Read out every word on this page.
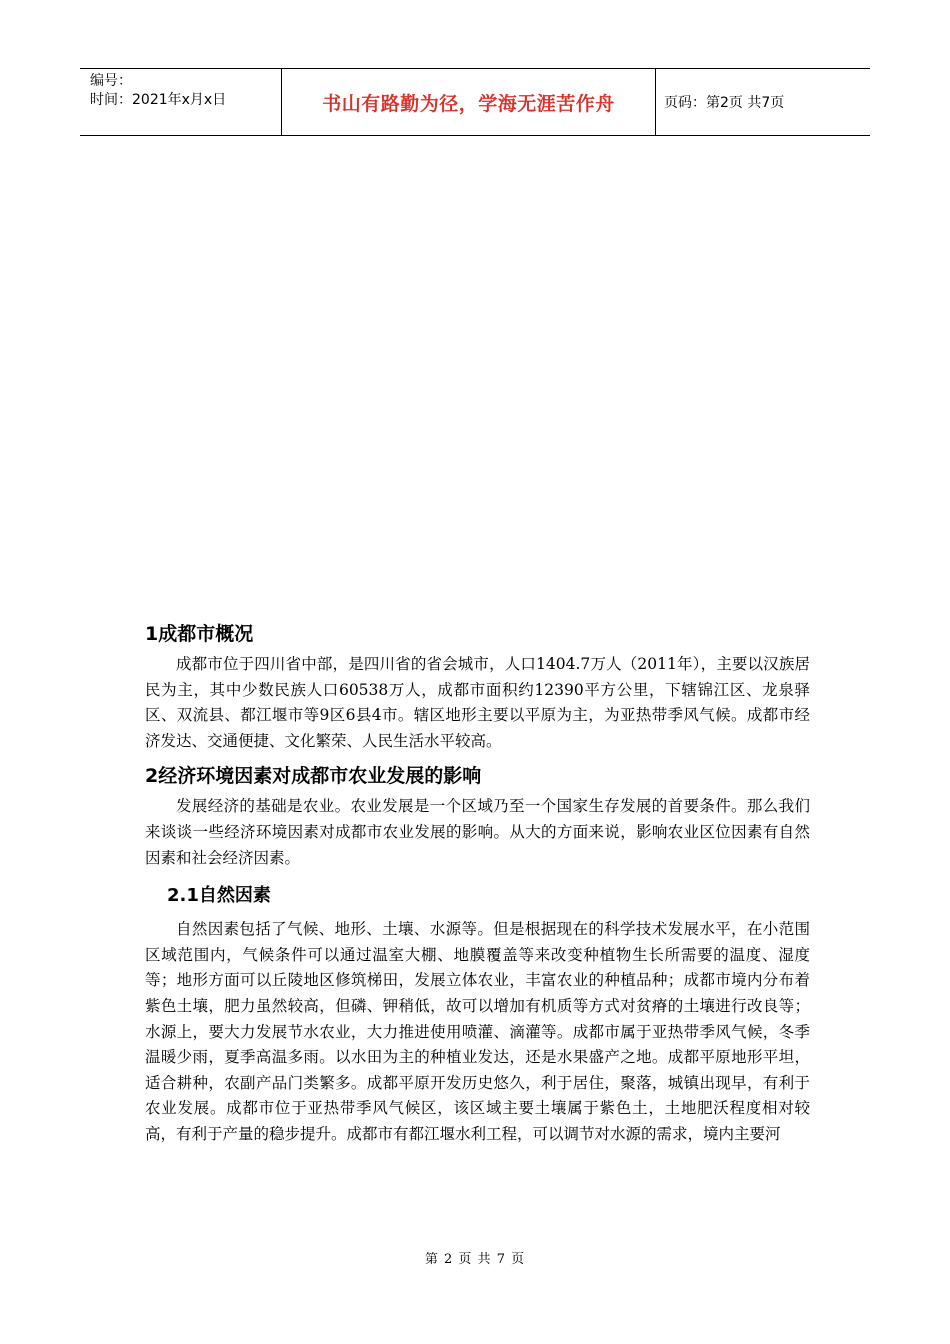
编号：
时间：2021年x月x日	书山有路勤为径，学海无涯苦作舟	页码：第2页 共7页
1成都市概况

成都市位于四川省中部，是四川省的省会城市，人口1404.7万人（2011年），主要以汉族居民为主，其中少数民族人口60538万人，成都市面积约12390平方公里，下辖锦江区、龙泉驿区、双流县、都江堰市等9区6县4市。辖区地形主要以平原为主，为亚热带季风气候。成都市经济发达、交通便捷、文化繁荣、人民生活水平较高。

2经济环境因素对成都市农业发展的影响

发展经济的基础是农业。农业发展是一个区域乃至一个国家生存发展的首要条件。那么我们来谈谈一些经济环境因素对成都市农业发展的影响。从大的方面来说，影响农业区位因素有自然因素和社会经济因素。

2.1自然因素

自然因素包括了气候、地形、土壤、水源等。但是根据现在的科学技术发展水平，在小范围区域范围内，气候条件可以通过温室大棚、地膜覆盖等来改变种植物生长所需要的温度、湿度等；地形方面可以丘陵地区修筑梯田，发展立体农业，丰富农业的种植品种；成都市境内分布着紫色土壤，肥力虽然较高，但磷、钾稍低，故可以增加有机质等方式对贫瘠的土壤进行改良等；水源上，要大力发展节水农业，大力推进使用喷灌、滴灌等。成都市属于亚热带季风气候，冬季温暖少雨，夏季高温多雨。以水田为主的种植业发达，还是水果盛产之地。成都平原地形平坦，适合耕种，农副产品门类繁多。成都平原开发历史悠久，利于居住，聚落，城镇出现早，有利于农业发展。成都市位于亚热带季风气候区，该区域主要土壤属于紫色土，土地肥沃程度相对较高，有利于产量的稳步提升。成都市有都江堰水利工程，可以调节对水源的需求，境内主要河

第 2 页 共 7 页
